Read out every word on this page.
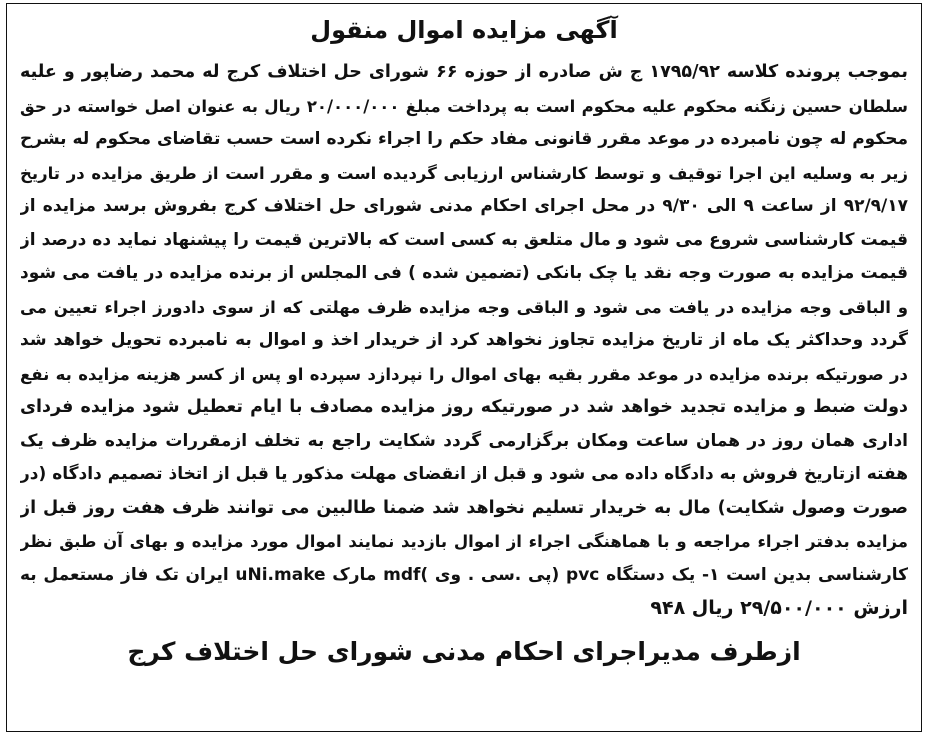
آگهی مزایده اموال منقول
بموجب پرونده کلاسه ۱۷۹۵/۹۲ ج ش صادره از حوزه ۶۶ شورای حل اختلاف کرج له محمد رضاپور و علیه
سلطان حسین زنگنه محکوم علیه محکوم است به پرداخت مبلغ ۲۰/۰۰۰/۰۰۰ ریال به عنوان اصل خواسته در حق
محکوم له چون نامبرده در موعد مقرر قانونی مفاد حکم را اجراء نکرده است حسب تقاضای محکوم له بشرح
زیر به وسلیه این اجرا توقیف و توسط کارشناس ارزیابی گردیده است و مقرر است از طریق مزایده در تاریخ
۹۲/۹/۱۷ از ساعت ۹ الی ۹/۳۰ در محل اجرای احکام مدنی شورای حل اختلاف کرج بفروش برسد مزایده از
قیمت کارشناسی شروع می شود و مال متلعق به کسی است که بالاترین قیمت را پیشنهاد نماید ده درصد از
قیمت مزایده به صورت وجه نقد یا چک بانکی (تضمین شده ) فی المجلس از برنده مزایده در یافت می شود
و الباقی وجه مزایده در یافت می شود و الباقی وجه مزایده ظرف مهلتی که از سوی دادورز اجراء تعیین می
گردد وحداکثر یک ماه از تاریخ مزایده تجاوز نخواهد کرد از خریدار اخذ و اموال به نامبرده تحویل خواهد شد
در صورتیکه برنده مزایده در موعد مقرر بقیه بهای اموال را نپردازد سپرده او پس از کسر هزینه مزایده به نفع
دولت ضبط و مزایده تجدید خواهد شد در صورتیکه روز مزایده مصادف با ایام تعطیل شود مزایده فردای
اداری همان روز در همان ساعت ومکان برگزارمی گردد شکایت راجع به تخلف ازمقررات مزایده ظرف یک
هفته ازتاریخ فروش به دادگاه داده می شود و قبل از انقضای مهلت مذکور یا قبل از اتخاذ تصمیم دادگاه (در
صورت وصول شکایت) مال به خریدار تسلیم نخواهد شد ضمنا طالبین می توانند ظرف هفت روز قبل از
مزایده بدفتر اجراء مراجعه و با هماهنگی اجراء از اموال بازدید نمایند اموال مورد مزایده و بهای آن طبق نظر
کارشناسی بدین است ۱- یک دستگاه pvc (پی .سی . وی )mdf مارک uNi.make ایران تک فاز مستعمل به
ارزش ۲۹/۵۰۰/۰۰۰ ریال ۹۴۸
ازطرف مدیراجرای احکام مدنی شورای حل اختلاف کرج
